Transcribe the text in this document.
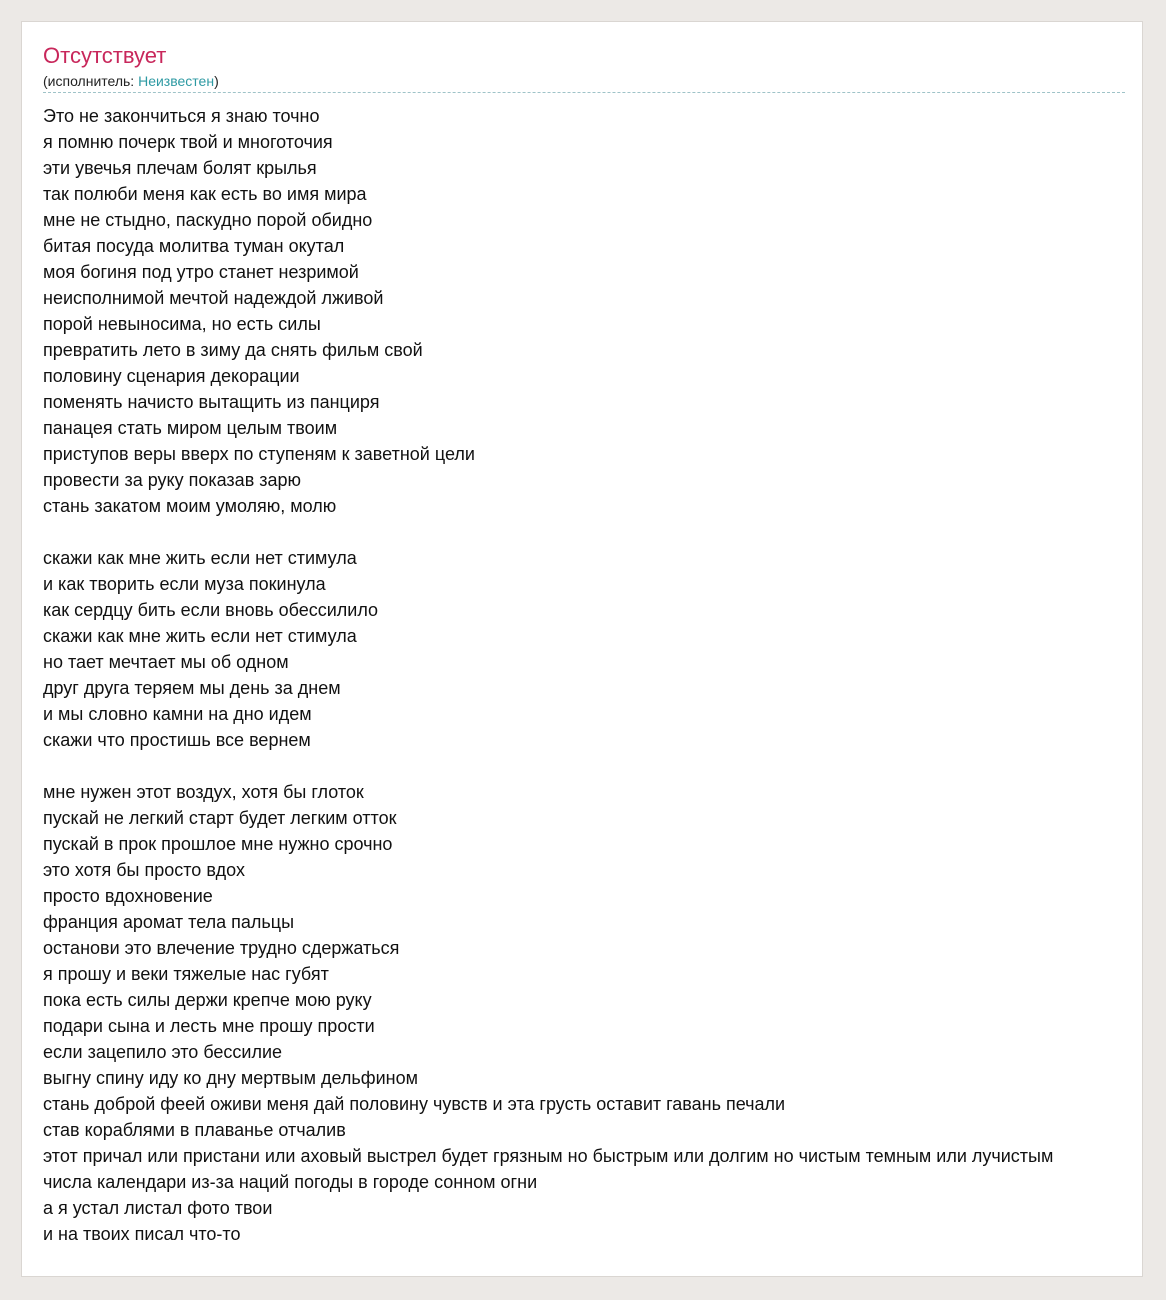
Отсутствует
(исполнитель: Неизвестен)
Это не закончиться я знаю точно
я помню почерк твой и многоточия
эти увечья плечам болят крылья
так полюби меня как есть во имя мира
мне не стыдно, паскудно порой обидно
битая посуда молитва туман окутал
моя богиня под утро станет незримой
неисполнимой мечтой надеждой лживой
порой невыносима, но есть силы
превратить лето в зиму да снять фильм свой
половину сценария декорации
поменять начисто вытащить из панциря
панацея стать миром целым твоим
приступов веры вверх по ступеням к заветной цели
провести за руку показав зарю
стань закатом моим умоляю, молю
скажи как мне жить если нет стимула
и как творить если муза покинула
как сердцу бить если вновь обессилило
скажи как мне жить если нет стимула
но тает мечтает мы об одном
друг друга теряем мы день за днем
и мы словно камни на дно идем
скажи что простишь все вернем
мне нужен этот воздух, хотя бы глоток
пускай не легкий старт будет легким отток
пускай в прок прошлое мне нужно срочно
это хотя бы просто вдох
просто вдохновение
франция аромат тела пальцы
останови это влечение трудно сдержаться
я прошу и веки тяжелые нас губят
пока есть силы держи крепче мою руку
подари сына и лесть мне прошу прости
если зацепило это бессилие
выгну спину иду ко дну мертвым дельфином
стань доброй феей оживи меня дай половину чувств и эта грусть оставит гавань печали
став кораблями в плаванье отчалив
этот причал или пристани или аховый выстрел будет грязным но быстрым или долгим но чистым темным или лучистым
числа календари из-за наций погоды в городе сонном огни
а я устал листал фото твои
и на твоих писал что-то
